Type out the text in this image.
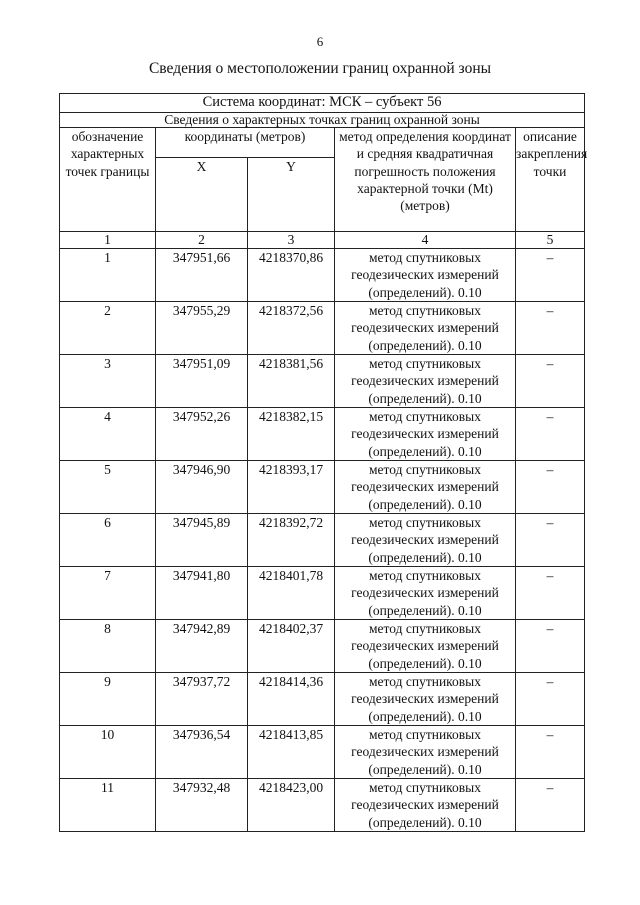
6
Сведения о местоположении границ охранной зоны
Система координат: МСК – субъект 56				
Сведения о характерных точках границ охранной зоны				
обозначение характерных точек границы	координаты (метров)		метод определения координат и средняя квадратичная погрешность положения характерной точки (Mt) (метров)	описание закрепления точки
	X	Y		
1	2	3	4	5
1	347951,66	4218370,86	метод спутниковых геодезических измерений (определений). 0.10	–
2	347955,29	4218372,56	метод спутниковых геодезических измерений (определений). 0.10	–
3	347951,09	4218381,56	метод спутниковых геодезических измерений (определений). 0.10	–
4	347952,26	4218382,15	метод спутниковых геодезических измерений (определений). 0.10	–
5	347946,90	4218393,17	метод спутниковых геодезических измерений (определений). 0.10	–
6	347945,89	4218392,72	метод спутниковых геодезических измерений (определений). 0.10	–
7	347941,80	4218401,78	метод спутниковых геодезических измерений (определений). 0.10	–
8	347942,89	4218402,37	метод спутниковых геодезических измерений (определений). 0.10	–
9	347937,72	4218414,36	метод спутниковых геодезических измерений (определений). 0.10	–
10	347936,54	4218413,85	метод спутниковых геодезических измерений (определений). 0.10	–
11	347932,48	4218423,00	метод спутниковых геодезических измерений (определений). 0.10	–
